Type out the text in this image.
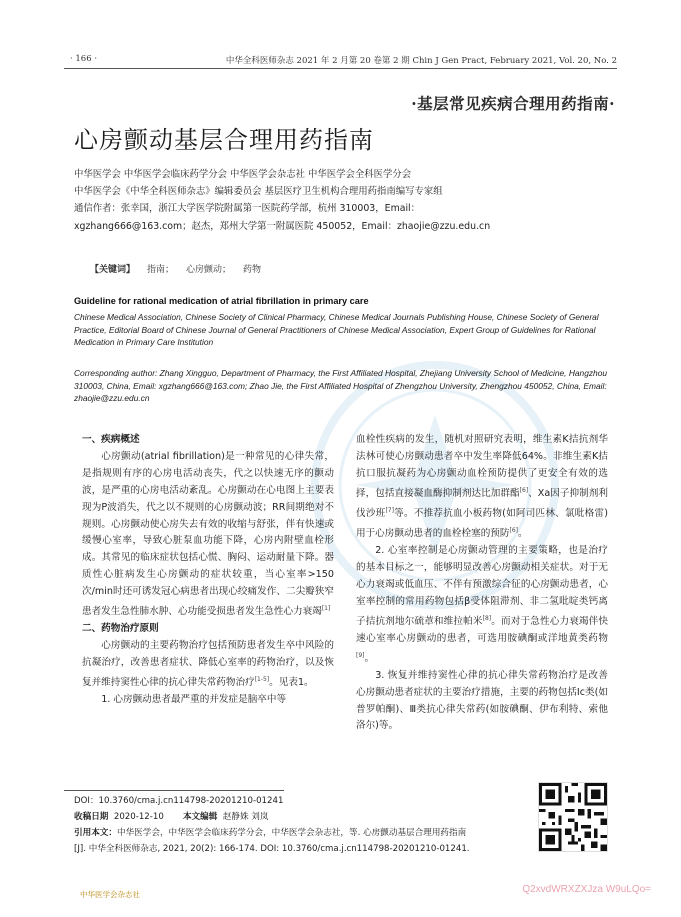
· 166 ·	中华全科医师杂志 2021 年 2 月第 20 卷第 2 期 Chin J Gen Pract, February 2021, Vol. 20, No. 2
·基层常见疾病合理用药指南·
心房颤动基层合理用药指南
中华医学会 中华医学会临床药学分会 中华医学会杂志社 中华医学会全科医学分会
中华医学会《中华全科医师杂志》编辑委员会 基层医疗卫生机构合理用药指南编写专家组
通信作者：张幸国，浙江大学医学院附属第一医院药学部，杭州 310003，Email：
xgzhang666@163.com；赵杰，郑州大学第一附属医院 450052，Email：zhaojie@zzu.edu.cn
【关键词】 指南； 心房颤动； 药物
Guideline for rational medication of atrial fibrillation in primary care
Chinese Medical Association, Chinese Society of Clinical Pharmacy, Chinese Medical Journals Publishing House, Chinese Society of General Practice, Editorial Board of Chinese Journal of General Practitioners of Chinese Medical Association, Expert Group of Guidelines for Rational Medication in Primary Care Institution
Corresponding author: Zhang Xingguo, Department of Pharmacy, the First Affiliated Hospital, Zhejiang University School of Medicine, Hangzhou 310003, China, Email: xgzhang666@163.com; Zhao Jie, the First Affiliated Hospital of Zhengzhou University, Zhengzhou 450052, China, Email: zhaojie@zzu.edu.cn

一、疾病概述

心房颤动(atrial fibrillation)是一种常见的心律失常，是指规则有序的心房电活动丧失，代之以快速无序的颤动波，是严重的心房电活动紊乱。心房颤动在心电图上主要表现为P波消失，代之以不规则的心房颤动波；RR间期绝对不规则。心房颤动使心房失去有效的收缩与舒张，伴有快速或缓慢心室率，导致心脏泵血功能下降，心房内附壁血栓形成。其常见的临床症状包括心慌、胸闷、运动耐量下降。器质性心脏病发生心房颤动的症状较重，当心室率>150次/min时还可诱发冠心病患者出现心绞痛发作、二尖瓣狭窄患者发生急性肺水肿、心功能受损患者发生急性心力衰竭[1]

二、药物治疗原则

心房颤动的主要药物治疗包括预防患者发生卒中风险的抗凝治疗，改善患者症状、降低心室率的药物治疗，以及恢复并维持窦性心律的抗心律失常药物治疗[1-5]。见表1。

1. 心房颤动患者最严重的并发症是脑卒中等

血栓性疾病的发生，随机对照研究表明，维生素K拮抗剂华法林可使心房颤动患者卒中发生率降低64%。非维生素K拮抗口服抗凝药为心房颤动血栓预防提供了更安全有效的选择，包括直接凝血酶抑制剂达比加群酯[6]、Ⅹa因子抑制剂利伐沙班[7]等。不推荐抗血小板药物(如阿司匹林、氯吡格雷)用于心房颤动患者的血栓栓塞的预防[6]。

2. 心室率控制是心房颤动管理的主要策略，也是治疗的基本目标之一，能够明显改善心房颤动相关症状。对于无心力衰竭或低血压、不伴有预激综合征的心房颤动患者，心室率控制的常用药物包括β受体阻滞剂、非二氢吡啶类钙离子拮抗剂地尔硫䓬和维拉帕米[8]。而对于急性心力衰竭伴快速心室率心房颤动的患者，可选用胺碘酮或洋地黄类药物[9]。

3. 恢复并维持窦性心律的抗心律失常药物治疗是改善心房颤动患者症状的主要治疗措施，主要的药物包括Ⅰc类(如普罗帕酮)、Ⅲ类抗心律失常药(如胺碘酮、伊布利特、索他洛尔)等。

DOI：10.3760/cma.j.cn114798-20201210-01241
收稿日期 2020-12-10 本文编辑 赵静姝 刘岚
引用本文：中华医学会，中华医学会临床药学分会，中华医学会杂志社，等. 心房颤动基层合理用药指南
[J]. 中华全科医师杂志, 2021, 20(2): 166-174. DOI: 10.3760/cma.j.cn114798-20201210-01241.
中华医学会杂志社	Q2xvdWRXZXJza W9uLQo=
